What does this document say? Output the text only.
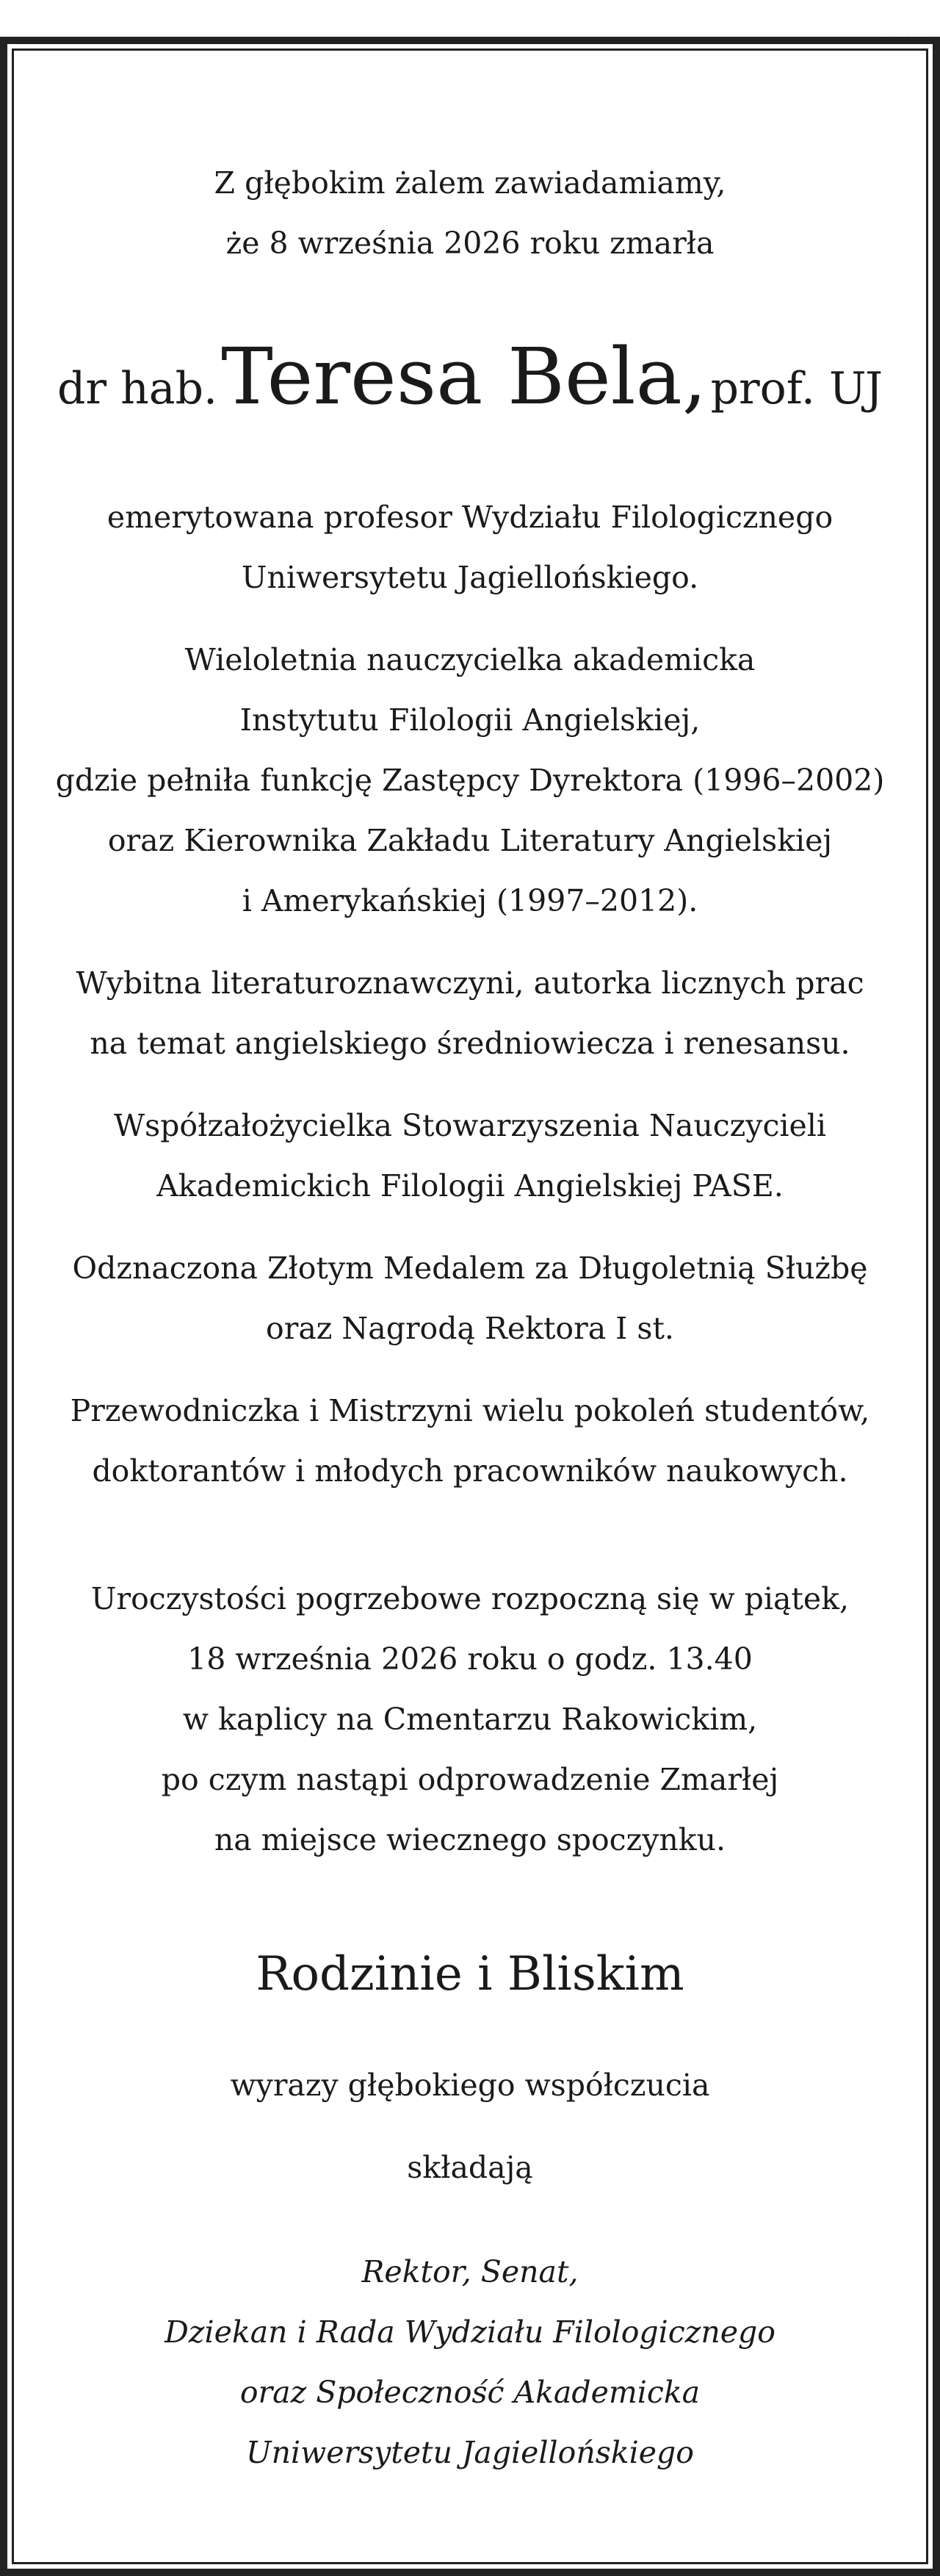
· · · · ·
Z głębokim żalem zawiadamiamy,
że 8 września 2026 roku zmarła
dr hab. Teresa Bela, prof. UJ

emerytowana profesor Wydziału Filologicznego
Uniwersytetu Jagiellońskiego.

Wieloletnia nauczycielka akademicka
Instytutu Filologii Angielskiej,
gdzie pełniła funkcję Zastępcy Dyrektora (1996–2002)
oraz Kierownika Zakładu Literatury Angielskiej
i Amerykańskiej (1997–2012).

Wybitna literaturoznawczyni, autorka licznych prac
na temat angielskiego średniowiecza i renesansu.

Współzałożycielka Stowarzyszenia Nauczycieli
Akademickich Filologii Angielskiej PASE.

Odznaczona Złotym Medalem za Długoletnią Służbę
oraz Nagrodą Rektora I st.

Przewodniczka i Mistrzyni wielu pokoleń studentów,
doktorantów i młodych pracowników naukowych.

Uroczystości pogrzebowe rozpoczną się w piątek,
18 września 2026 roku o godz. 13.40
w kaplicy na Cmentarzu Rakowickim,
po czym nastąpi odprowadzenie Zmarłej
na miejsce wiecznego spoczynku.

Rodzinie i Bliskim

wyrazy głębokiego współczucia

składają

Rektor, Senat,
Dziekan i Rada Wydziału Filologicznego
oraz Społeczność Akademicka
Uniwersytetu Jagiellońskiego
